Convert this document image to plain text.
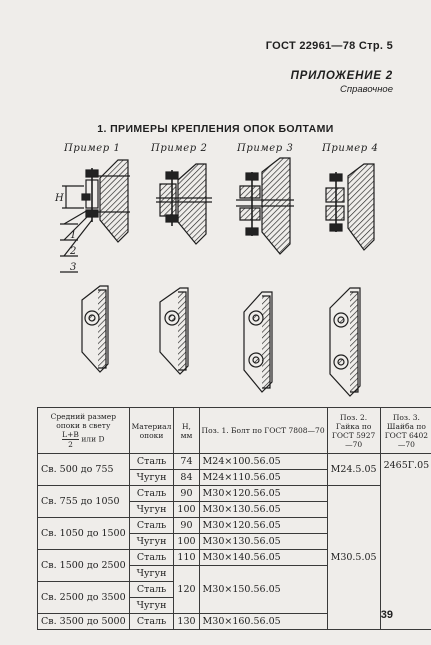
ГОСТ 22961—78 Стр. 5
ПРИЛОЖЕНИЕ 2
Справочное
1. ПРИМЕРЫ КРЕПЛЕНИЯ ОПОК БОЛТАМИ
Пример 1	Пример 2	Пример 3	Пример 4
H
1
2
3
Средний размер
опоки в свету
$\frac{L+B}{2}$ или D	Материал опоки	H, мм	Поз. 1. Болт по ГОСТ 7808—70	Поз. 2. Гайка по ГОСТ 5927—70	Поз. 3. Шайба по ГОСТ 6402—70
Св. 500 до 755	Сталь	74	М24×100.56.05	М24.5.05	2465Г.05
	Чугун	84	М24×110.56.05		
Св. 755 до 1050	Сталь	90	М30×120.56.05	М30.5.05	
	Чугун	100	М30×130.56.05		
Св. 1050 до 1500	Сталь	90	М30×120.56.05		
	Чугун	100	М30×130.56.05		
Св. 1500 до 2500	Сталь	110	М30×140.56.05		
	Чугун	120	М30×150.56.05		
Св. 2500 до 3500	Сталь				
	Чугун				
Св. 3500 до 5000	Сталь	130	М30×160.56.05		
39
